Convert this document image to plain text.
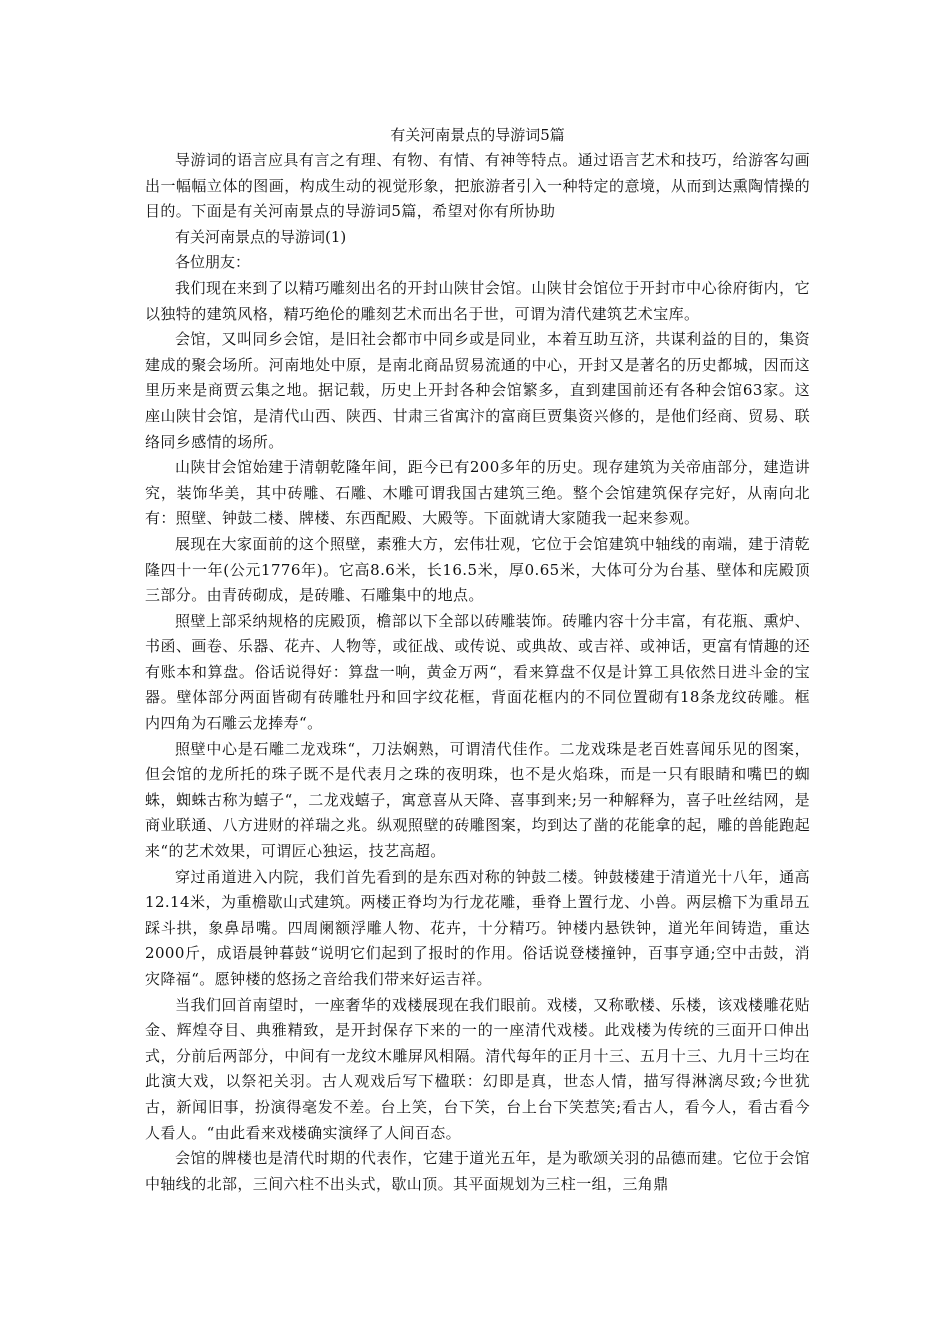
有关河南景点的导游词5篇

导游词的语言应具有言之有理、有物、有情、有神等特点。通过语言艺术和技巧，给游客勾画出一幅幅立体的图画，构成生动的视觉形象，把旅游者引入一种特定的意境，从而到达熏陶情操的目的。下面是有关河南景点的导游词5篇，希望对你有所协助

有关河南景点的导游词(1)

各位朋友：

我们现在来到了以精巧雕刻出名的开封山陕甘会馆。山陕甘会馆位于开封市中心徐府街内，它以独特的建筑风格，精巧绝伦的雕刻艺术而出名于世，可谓为清代建筑艺术宝库。

会馆，又叫同乡会馆，是旧社会都市中同乡或是同业，本着互助互济，共谋利益的目的，集资建成的聚会场所。河南地处中原，是南北商品贸易流通的中心，开封又是著名的历史都城，因而这里历来是商贾云集之地。据记载，历史上开封各种会馆繁多，直到建国前还有各种会馆63家。这座山陕甘会馆，是清代山西、陕西、甘肃三省寓汴的富商巨贾集资兴修的，是他们经商、贸易、联络同乡感情的场所。

山陕甘会馆始建于清朝乾隆年间，距今已有200多年的历史。现存建筑为关帝庙部分，建造讲究，装饰华美，其中砖雕、石雕、木雕可谓我国古建筑三绝。整个会馆建筑保存完好，从南向北有：照壁、钟鼓二楼、牌楼、东西配殿、大殿等。下面就请大家随我一起来参观。

展现在大家面前的这个照壁，素雅大方，宏伟壮观，它位于会馆建筑中轴线的南端，建于清乾隆四十一年(公元1776年)。它高8.6米，长16.5米，厚0.65米，大体可分为台基、壁体和庑殿顶三部分。由青砖砌成，是砖雕、石雕集中的地点。

照壁上部采纳规格的庑殿顶，檐部以下全部以砖雕装饰。砖雕内容十分丰富，有花瓶、熏炉、书函、画卷、乐器、花卉、人物等，或征战、或传说、或典故、或吉祥、或神话，更富有情趣的还有账本和算盘。俗话说得好：算盘一响，黄金万两“，看来算盘不仅是计算工具依然日进斗金的宝器。壁体部分两面皆砌有砖雕牡丹和回字纹花框，背面花框内的不同位置砌有18条龙纹砖雕。框内四角为石雕云龙捧寿“。

照壁中心是石雕二龙戏珠“，刀法娴熟，可谓清代佳作。二龙戏珠是老百姓喜闻乐见的图案，但会馆的龙所托的珠子既不是代表月之珠的夜明珠，也不是火焰珠，而是一只有眼睛和嘴巴的蜘蛛，蜘蛛古称为蟢子“，二龙戏蟢子，寓意喜从天降、喜事到来;另一种解释为，喜子吐丝结网，是商业联通、八方进财的祥瑞之兆。纵观照壁的砖雕图案，均到达了凿的花能拿的起，雕的兽能跑起来“的艺术效果，可谓匠心独运，技艺高超。

穿过甬道进入内院，我们首先看到的是东西对称的钟鼓二楼。钟鼓楼建于清道光十八年，通高12.14米，为重檐歇山式建筑。两楼正脊均为行龙花雕，垂脊上置行龙、小兽。两层檐下为重昂五踩斗拱，象鼻昂嘴。四周阑额浮雕人物、花卉，十分精巧。钟楼内悬铁钟，道光年间铸造，重达2000斤，成语晨钟暮鼓“说明它们起到了报时的作用。俗话说登楼撞钟，百事亨通;空中击鼓，消灾降福“。愿钟楼的悠扬之音给我们带来好运吉祥。

当我们回首南望时，一座奢华的戏楼展现在我们眼前。戏楼，又称歌楼、乐楼，该戏楼雕花贴金、辉煌夺目、典雅精致，是开封保存下来的一的一座清代戏楼。此戏楼为传统的三面开口伸出式，分前后两部分，中间有一龙纹木雕屏风相隔。清代每年的正月十三、五月十三、九月十三均在此演大戏，以祭祀关羽。古人观戏后写下楹联：幻即是真，世态人情，描写得淋漓尽致;今世犹古，新闻旧事，扮演得毫发不差。台上笑，台下笑，台上台下笑惹笑;看古人，看今人，看古看今人看人。“由此看来戏楼确实演绎了人间百态。

会馆的牌楼也是清代时期的代表作，它建于道光五年，是为歌颂关羽的品德而建。它位于会馆中轴线的北部，三间六柱不出头式，歇山顶。其平面规划为三柱一组，三角鼎
